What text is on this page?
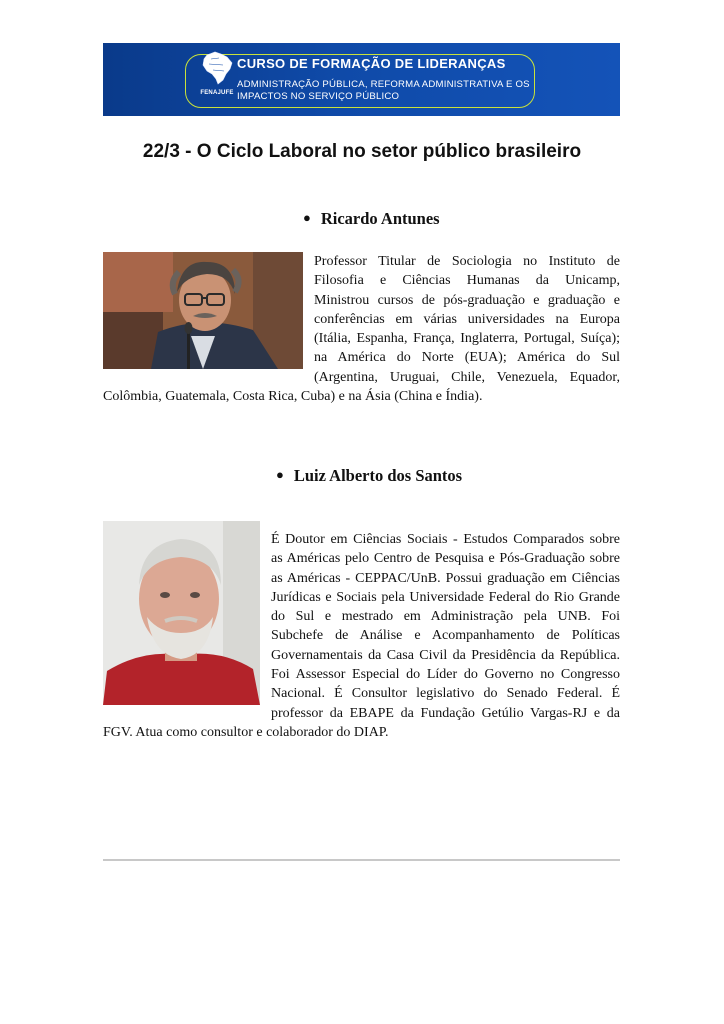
FENAJUFE
CURSO DE FORMAÇÃO DE LIDERANÇAS
ADMINISTRAÇÃO PÚBLICA, REFORMA ADMINISTRATIVA E OS
IMPACTOS NO SERVIÇO PÚBLICO
22/3 - O Ciclo Laboral no setor público brasileiro
● Ricardo Antunes
Professor Titular de Sociologia no Instituto de
Filosofia e Ciências Humanas da Unicamp,
Ministrou cursos de pós-graduação e graduação e
conferências em várias universidades na Europa
(Itália, Espanha, França, Inglaterra, Portugal, Suíça);
na América do Norte (EUA); América do Sul
(Argentina, Uruguai, Chile, Venezuela, Equador,
Colômbia, Guatemala, Costa Rica, Cuba) e na Ásia (China e Índia).
● Luiz Alberto dos Santos
É Doutor em Ciências Sociais - Estudos Comparados sobre
as Américas pelo Centro de Pesquisa e Pós-Graduação sobre
as Américas - CEPPAC/UnB. Possui graduação em Ciências
Jurídicas e Sociais pela Universidade Federal do Rio Grande
do Sul e mestrado em Administração pela UNB. Foi
Subchefe de Análise e Acompanhamento de Políticas
Governamentais da Casa Civil da Presidência da República.
Foi Assessor Especial do Líder do Governo no Congresso
Nacional. É Consultor legislativo do Senado Federal. É
professor da EBAPE da Fundação Getúlio Vargas-RJ e da
FGV. Atua como consultor e colaborador do DIAP.
